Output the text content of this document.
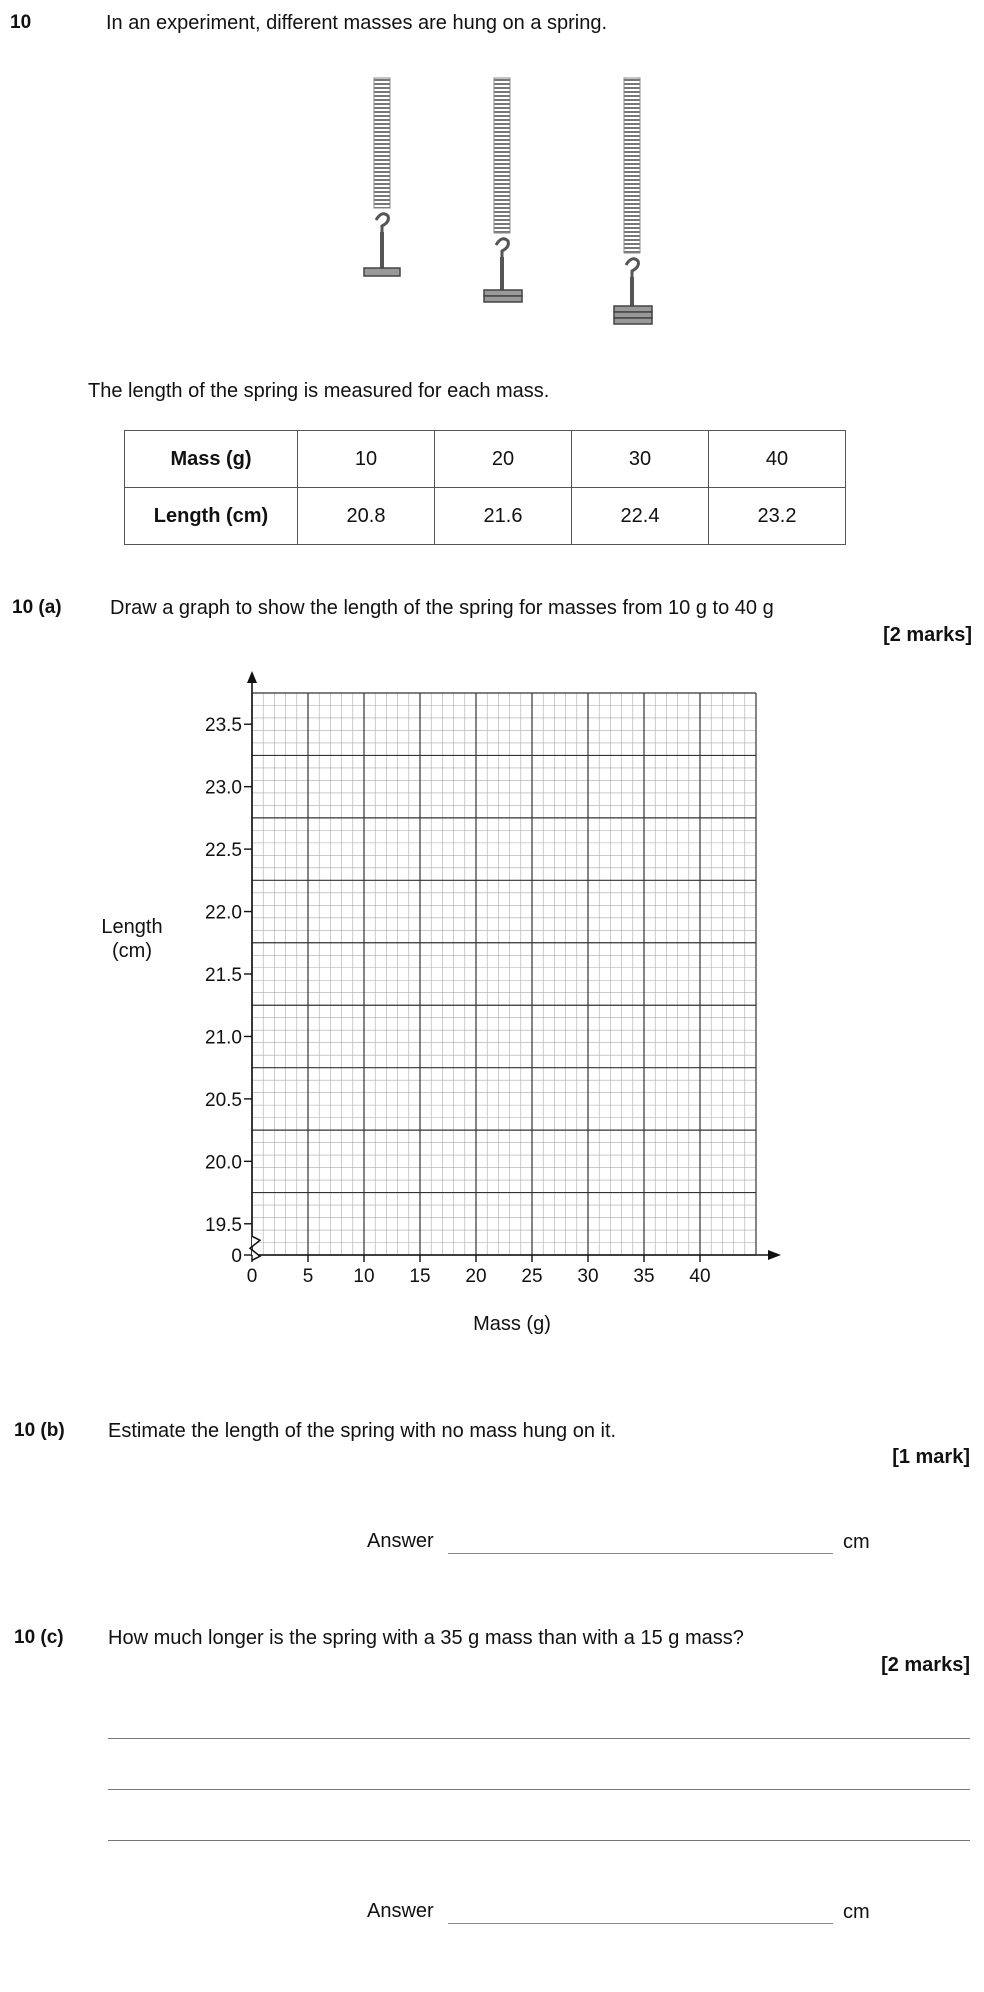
10	In an experiment, different masses are hung on a spring.
The length of the spring is measured for each mass.
Mass (g)	10	20	30	40
Length (cm)	20.8	21.6	22.4	23.2
10 (a) Draw a graph to show the length of the spring for masses from 10 g to 40 g
[2 marks]
0
19.5
20.0
20.5
21.0
21.5
22.0
22.5
23.0
23.5
0 5 10 15 20 25 30 35 40
Length
(cm)
Mass (g)
10 (b) Estimate the length of the spring with no mass hung on it.
[1 mark]
Answer	cm
10 (c) How much longer is the spring with a 35 g mass than with a 15 g mass?
[2 marks]
Answer	cm
